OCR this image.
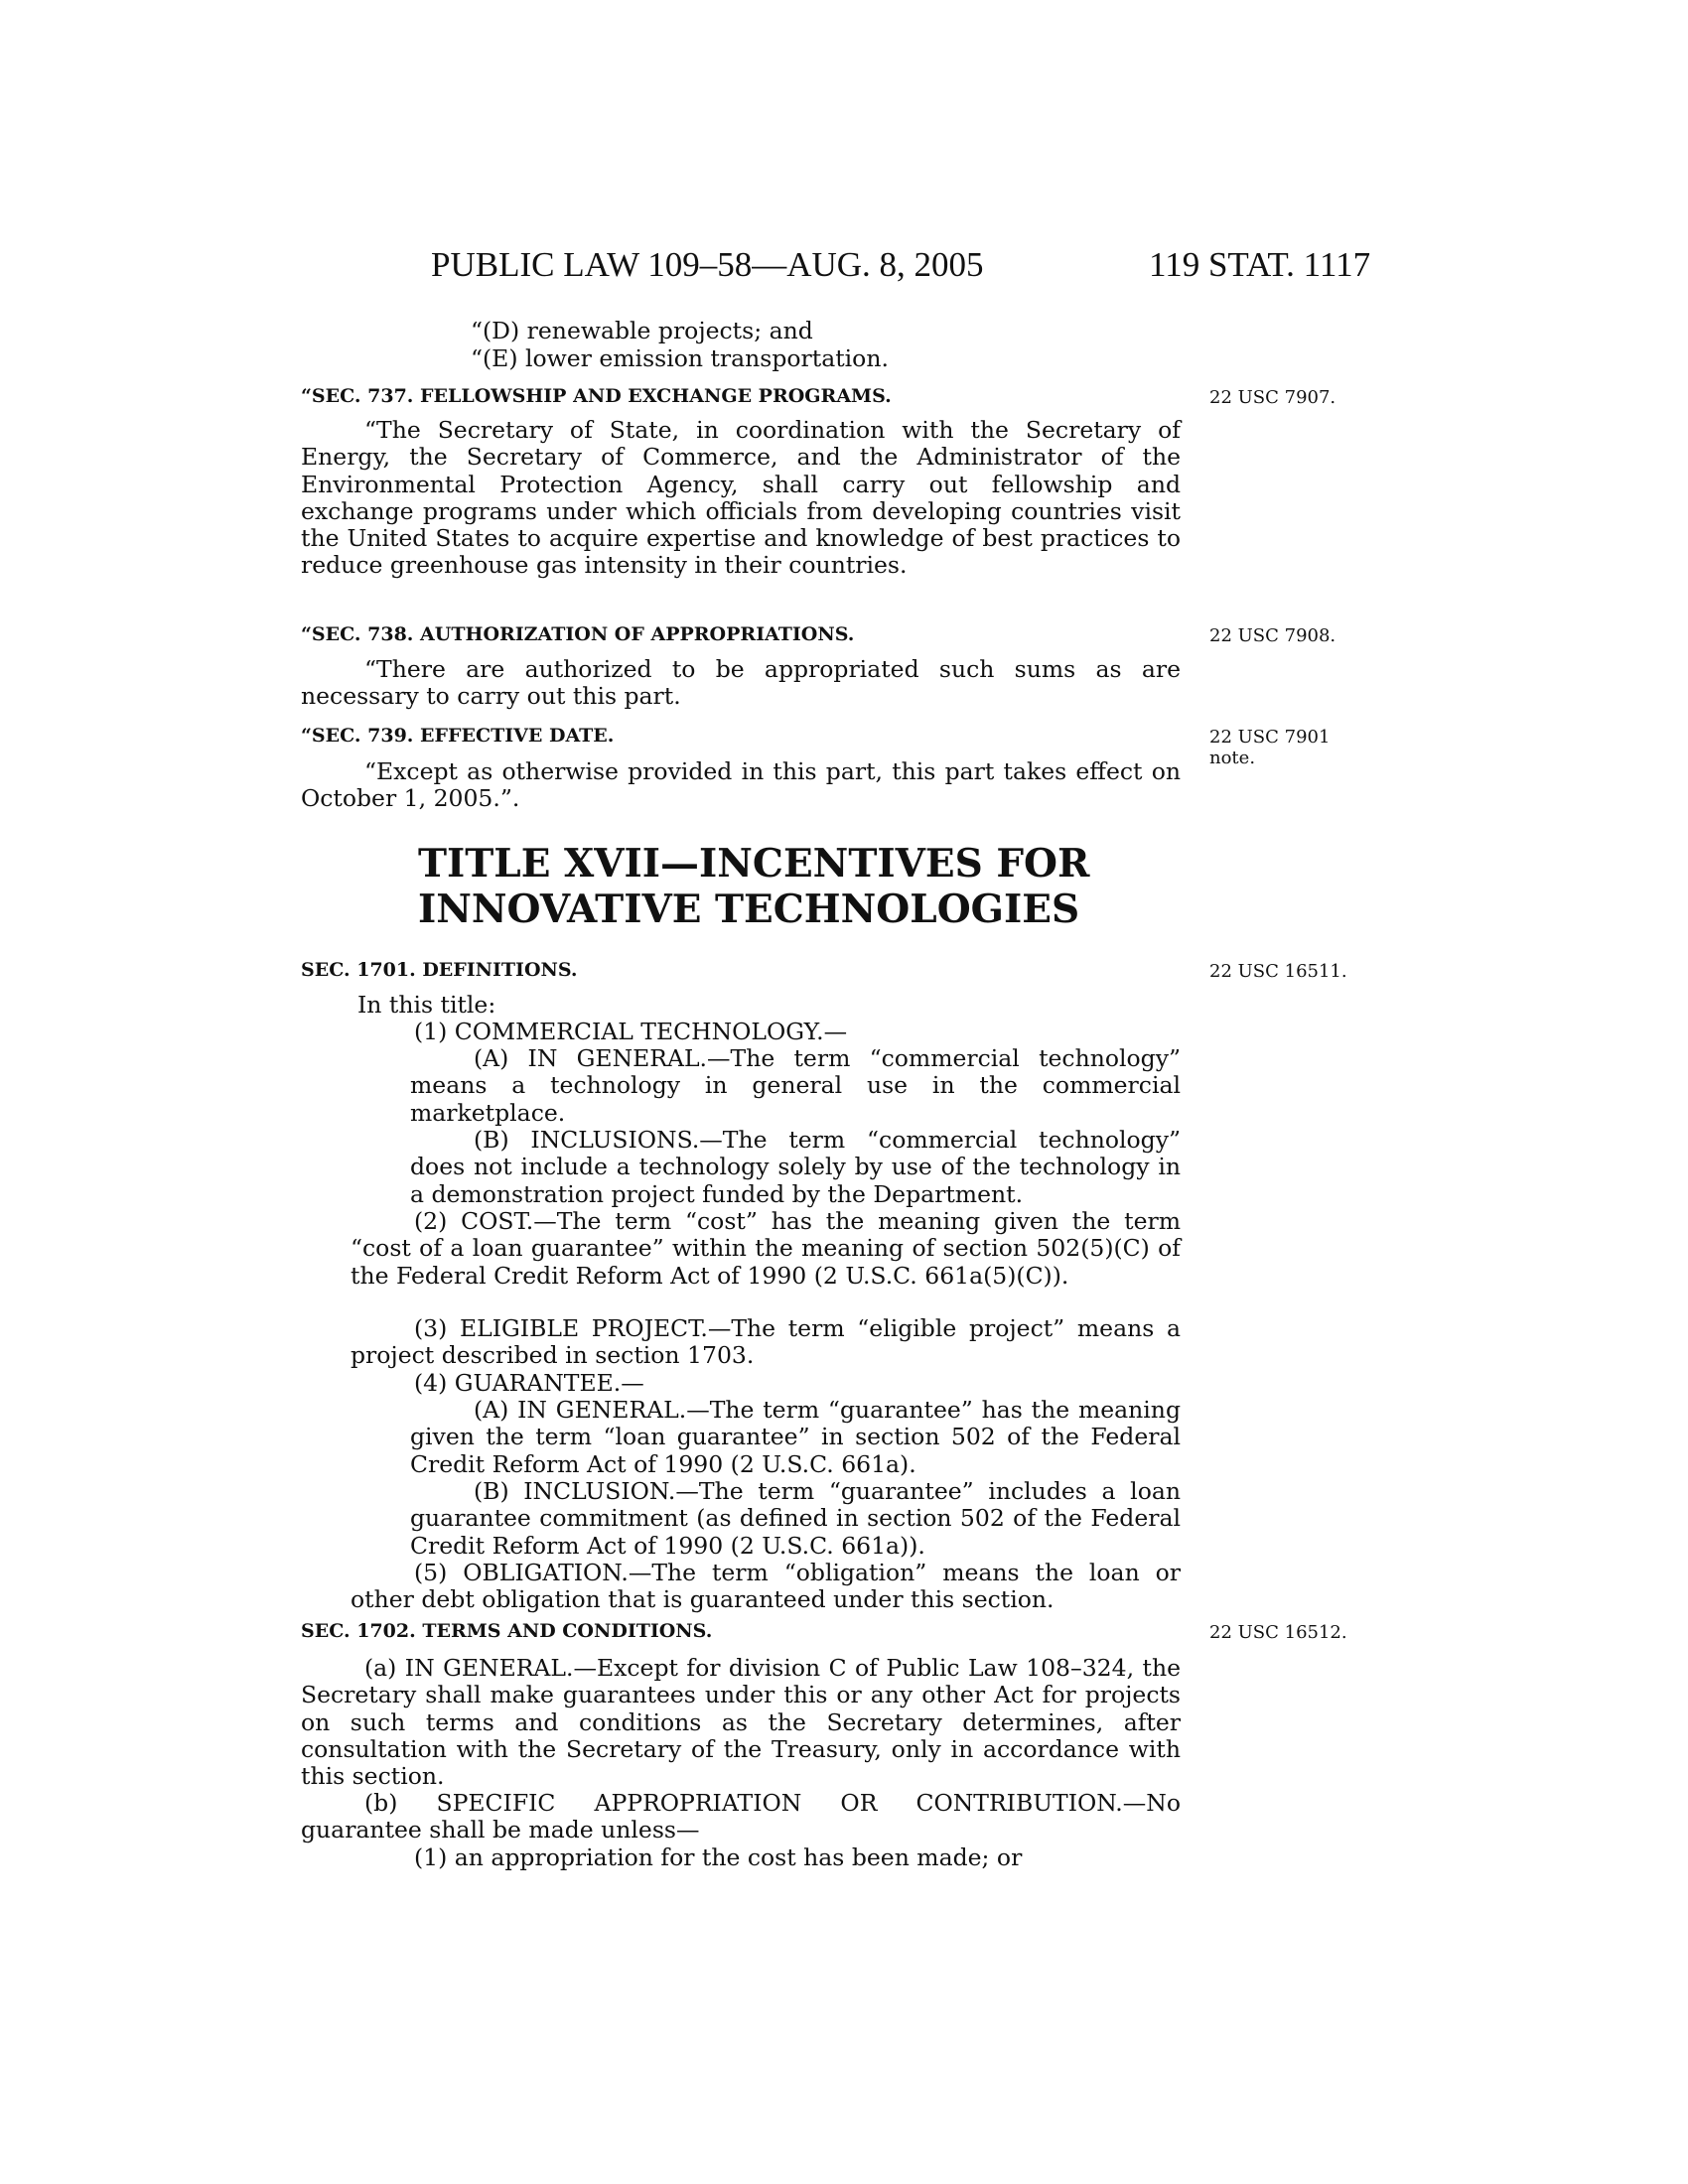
PUBLIC LAW 109–58—AUG. 8, 2005	119 STAT. 1117

“(D) renewable projects; and

“(E) lower emission transportation.

“SEC. 737. FELLOWSHIP AND EXCHANGE PROGRAMS.	22 USC 7907.

“The Secretary of State, in coordination with the Secretary of Energy, the Secretary of Commerce, and the Administrator of the Environmental Protection Agency, shall carry out fellowship and exchange programs under which officials from developing countries visit the United States to acquire expertise and knowledge of best practices to reduce greenhouse gas intensity in their countries.

“SEC. 738. AUTHORIZATION OF APPROPRIATIONS.	22 USC 7908.

“There are authorized to be appropriated such sums as are necessary to carry out this part.

“SEC. 739. EFFECTIVE DATE.	22 USC 7901
note.

“Except as otherwise provided in this part, this part takes effect on October 1, 2005.”.

TITLE XVII—INCENTIVES FOR
INNOVATIVE TECHNOLOGIES
SEC. 1701. DEFINITIONS.	22 USC 16511.

In this title:

(1) COMMERCIAL TECHNOLOGY.—

(A) IN GENERAL.—The term “commercial technology” means a technology in general use in the commercial marketplace.

(B) INCLUSIONS.—The term “commercial technology” does not include a technology solely by use of the technology in a demonstration project funded by the Department.

(2) COST.—The term “cost” has the meaning given the term “cost of a loan guarantee” within the meaning of section 502(5)(C) of the Federal Credit Reform Act of 1990 (2 U.S.C. 661a(5)(C)).

(3) ELIGIBLE PROJECT.—The term “eligible project” means a project described in section 1703.

(4) GUARANTEE.—

(A) IN GENERAL.—The term “guarantee” has the meaning given the term “loan guarantee” in section 502 of the Federal Credit Reform Act of 1990 (2 U.S.C. 661a).

(B) INCLUSION.—The term “guarantee” includes a loan guarantee commitment (as defined in section 502 of the Federal Credit Reform Act of 1990 (2 U.S.C. 661a)).

(5) OBLIGATION.—The term “obligation” means the loan or other debt obligation that is guaranteed under this section.

SEC. 1702. TERMS AND CONDITIONS.	22 USC 16512.

(a) IN GENERAL.—Except for division C of Public Law 108–324, the Secretary shall make guarantees under this or any other Act for projects on such terms and conditions as the Secretary determines, after consultation with the Secretary of the Treasury, only in accordance with this section.

(b) SPECIFIC APPROPRIATION OR CONTRIBUTION.—No guarantee shall be made unless—

(1) an appropriation for the cost has been made; or
